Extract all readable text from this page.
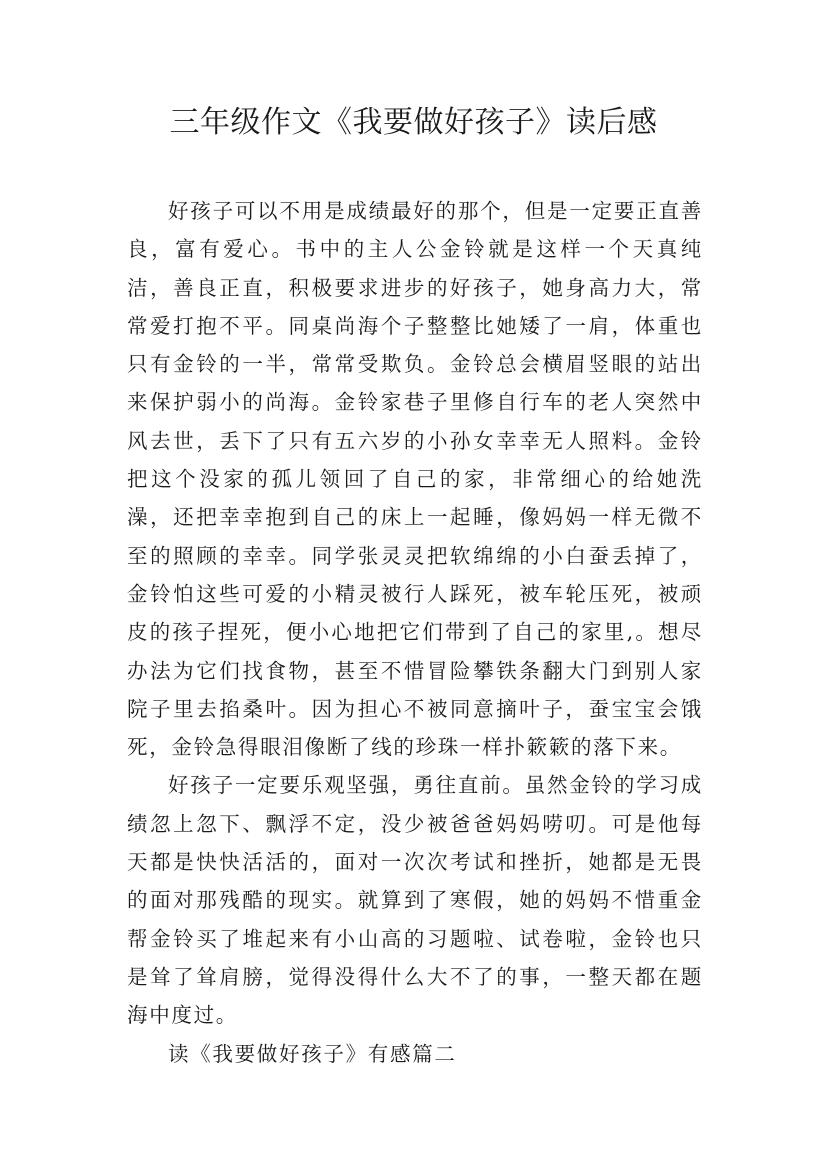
三年级作文《我要做好孩子》读后感

好孩子可以不用是成绩最好的那个，但是一定要正直善良，富有爱心。书中的主人公金铃就是这样一个天真纯洁，善良正直，积极要求进步的好孩子，她身高力大，常常爱打抱不平。同桌尚海个子整整比她矮了一肩，体重也只有金铃的一半，常常受欺负。金铃总会横眉竖眼的站出来保护弱小的尚海。金铃家巷子里修自行车的老人突然中风去世，丢下了只有五六岁的小孙女幸幸无人照料。金铃把这个没家的孤儿领回了自己的家，非常细心的给她洗澡，还把幸幸抱到自己的床上一起睡，像妈妈一样无微不至的照顾的幸幸。同学张灵灵把软绵绵的小白蚕丢掉了，金铃怕这些可爱的小精灵被行人踩死，被车轮压死，被顽皮的孩子捏死，便小心地把它们带到了自己的家里,。想尽办法为它们找食物，甚至不惜冒险攀铁条翻大门到别人家院子里去掐桑叶。因为担心不被同意摘叶子，蚕宝宝会饿死，金铃急得眼泪像断了线的珍珠一样扑簌簌的落下来。

好孩子一定要乐观坚强，勇往直前。虽然金铃的学习成绩忽上忽下、飘浮不定，没少被爸爸妈妈唠叨。可是他每天都是快快活活的，面对一次次考试和挫折，她都是无畏的面对那残酷的现实。就算到了寒假，她的妈妈不惜重金帮金铃买了堆起来有小山高的习题啦、试卷啦，金铃也只是耸了耸肩膀，觉得没得什么大不了的事，一整天都在题海中度过。

读《我要做好孩子》有感篇二
